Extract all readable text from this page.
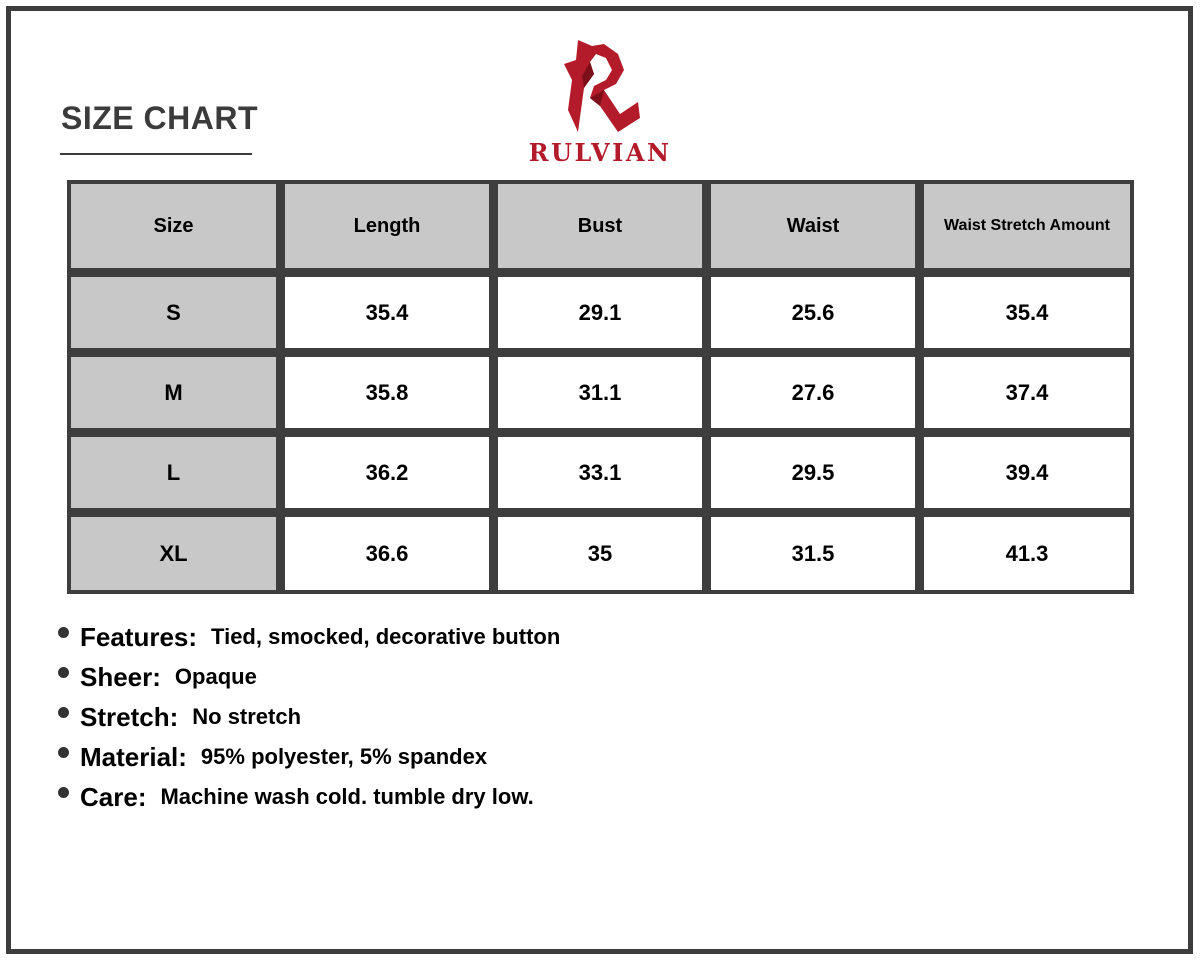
SIZE CHART
RULVIAN
Size	Length	Bust	Waist	Waist Stretch Amount
S	35.4	29.1	25.6	35.4
M	35.8	31.1	27.6	37.4
L	36.2	33.1	29.5	39.4
XL	36.6	35	31.5	41.3
Features: Tied, smocked, decorative button
Sheer: Opaque
Stretch: No stretch
Material: 95% polyester, 5% spandex
Care: Machine wash cold. tumble dry low.
